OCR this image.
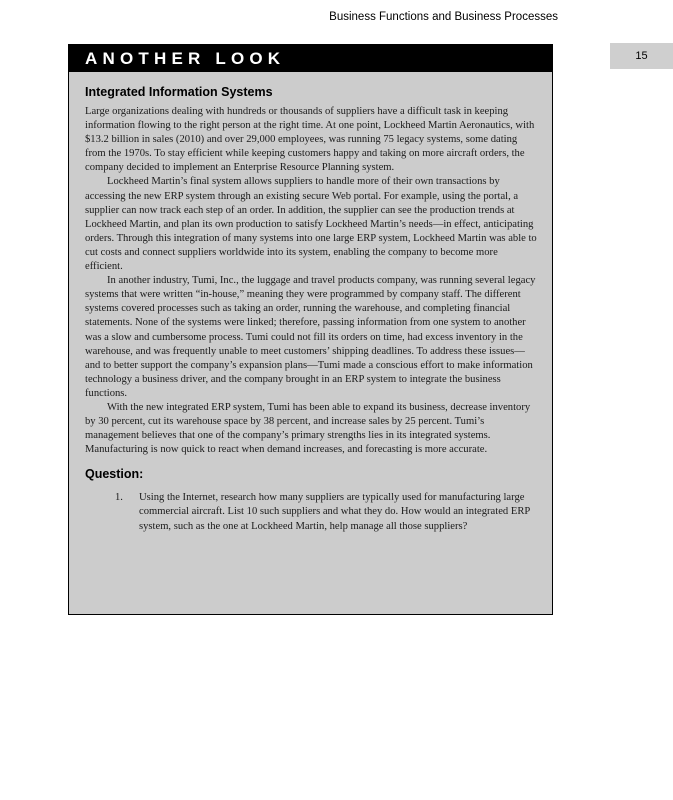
Business Functions and Business Processes
15
ANOTHER LOOK
Integrated Information Systems

Large organizations dealing with hundreds or thousands of suppliers have a difficult task in keeping information flowing to the right person at the right time. At one point, Lockheed Martin Aeronautics, with $13.2 billion in sales (2010) and over 29,000 employees, was running 75 legacy systems, some dating from the 1970s. To stay efficient while keeping customers happy and taking on more aircraft orders, the company decided to implement an Enterprise Resource Planning system.

Lockheed Martin’s final system allows suppliers to handle more of their own transactions by accessing the new ERP system through an existing secure Web portal. For example, using the portal, a supplier can now track each step of an order. In addition, the supplier can see the production trends at Lockheed Martin, and plan its own production to satisfy Lockheed Martin’s needs—in effect, anticipating orders. Through this integration of many systems into one large ERP system, Lockheed Martin was able to cut costs and connect suppliers worldwide into its system, enabling the company to become more efficient.

In another industry, Tumi, Inc., the luggage and travel products company, was running several legacy systems that were written “in-house,” meaning they were programmed by company staff. The different systems covered processes such as taking an order, running the warehouse, and completing financial statements. None of the systems were linked; therefore, passing information from one system to another was a slow and cumbersome process. Tumi could not fill its orders on time, had excess inventory in the warehouse, and was frequently unable to meet customers’ shipping deadlines. To address these issues—and to better support the company’s expansion plans—Tumi made a conscious effort to make information technology a business driver, and the company brought in an ERP system to integrate the business functions.

With the new integrated ERP system, Tumi has been able to expand its business, decrease inventory by 30 percent, cut its warehouse space by 38 percent, and increase sales by 25 percent. Tumi’s management believes that one of the company’s primary strengths lies in its integrated systems. Manufacturing is now quick to react when demand increases, and forecasting is more accurate.

Question:
1.	Using the Internet, research how many suppliers are typically used for manufacturing large commercial aircraft. List 10 such suppliers and what they do. How would an integrated ERP system, such as the one at Lockheed Martin, help manage all those suppliers?
